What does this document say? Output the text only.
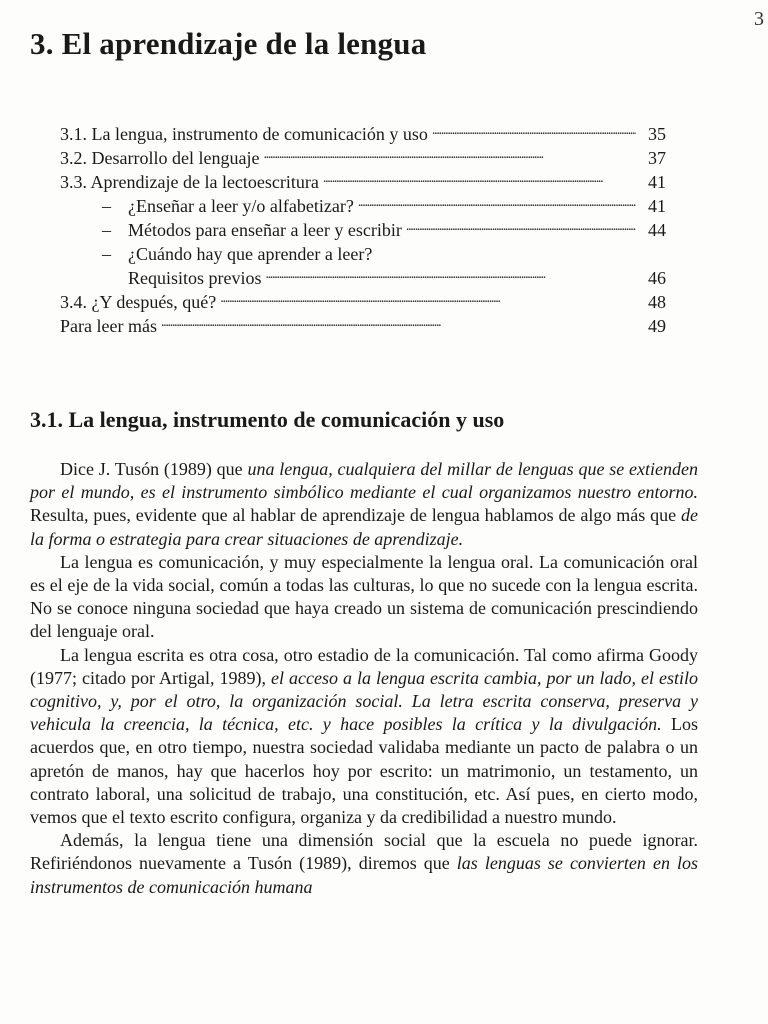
3
3. El aprendizaje de la lengua
3.1. La lengua, instrumento de comunicación y uso . . .	35
3.2. Desarrollo del lenguaje . . .	37
3.3. Aprendizaje de la lectoescritura . . .	41
– ¿Enseñar a leer y/o alfabetizar? . . .	41
– Métodos para enseñar a leer y escribir . . .	44
– ¿Cuándo hay que aprender a leer?
Requisitos previos . . .	46
3.4. ¿Y después, qué? . . .	48
Para leer más . . .	49
3.1. La lengua, instrumento de comunicación y uso

Dice J. Tusón (1989) que una lengua, cualquiera del millar de lenguas que se extienden por el mundo, es el instrumento simbólico mediante el cual organizamos nuestro entorno. Resulta, pues, evidente que al hablar de aprendizaje de lengua hablamos de algo más que de la forma o estrategia para crear situaciones de aprendizaje.

La lengua es comunicación, y muy especialmente la lengua oral. La comunicación oral es el eje de la vida social, común a todas las culturas, lo que no sucede con la lengua escrita. No se conoce ninguna sociedad que haya creado un sistema de comunicación prescindiendo del lenguaje oral.

La lengua escrita es otra cosa, otro estadio de la comunicación. Tal como afirma Goody (1977; citado por Artigal, 1989), el acceso a la lengua escrita cambia, por un lado, el estilo cognitivo, y, por el otro, la organización social. La letra escrita conserva, preserva y vehicula la creencia, la técnica, etc. y hace posibles la crítica y la divulgación. Los acuerdos que, en otro tiempo, nuestra sociedad validaba mediante un pacto de palabra o un apretón de manos, hay que hacerlos hoy por escrito: un matrimonio, un testamento, un contrato laboral, una solicitud de trabajo, una constitución, etc. Así pues, en cierto modo, vemos que el texto escrito configura, organiza y da credibilidad a nuestro mundo.

Además, la lengua tiene una dimensión social que la escuela no puede ignorar. Refiriéndonos nuevamente a Tusón (1989), diremos que las lenguas se convierten en los instrumentos de comunicación humana
